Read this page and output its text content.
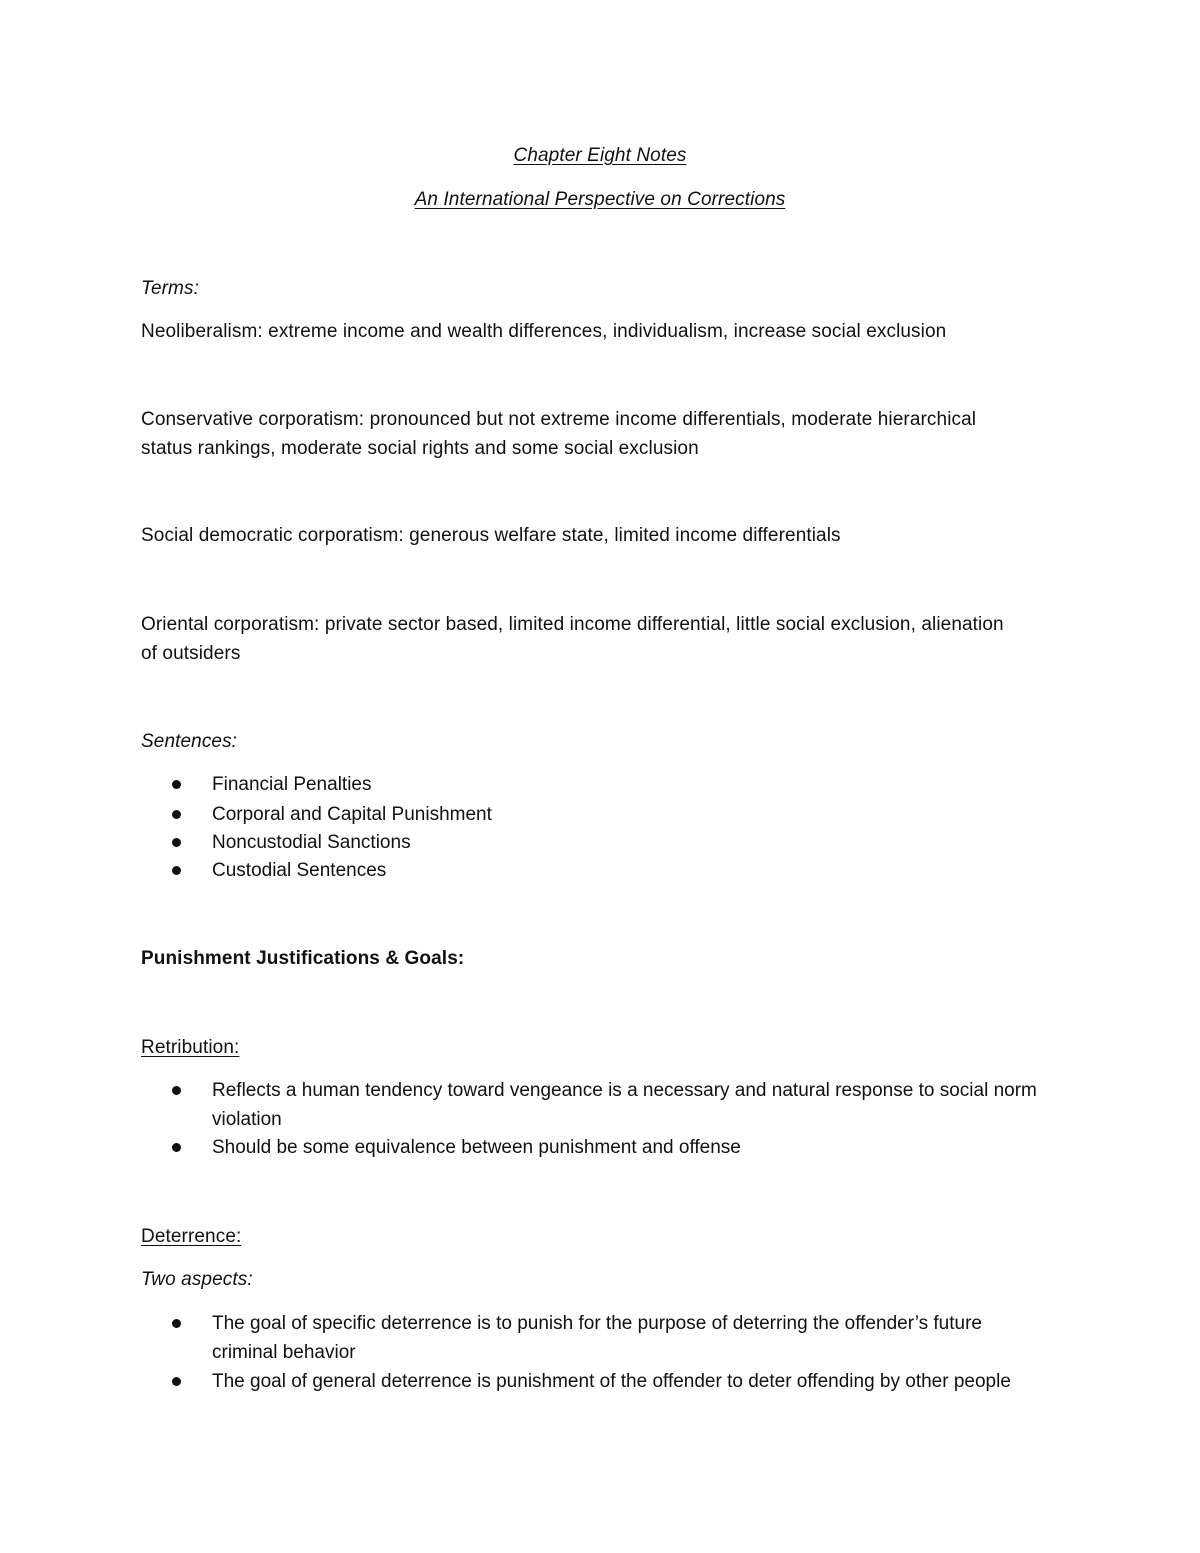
Chapter Eight Notes
An International Perspective on Corrections
Terms:
Neoliberalism: extreme income and wealth differences, individualism, increase social exclusion
Conservative corporatism: pronounced but not extreme income differentials, moderate hierarchical
status rankings, moderate social rights and some social exclusion
Social democratic corporatism: generous welfare state, limited income differentials
Oriental corporatism: private sector based, limited income differential, little social exclusion, alienation
of outsiders
Sentences:
Financial Penalties
Corporal and Capital Punishment
Noncustodial Sanctions
Custodial Sentences
Punishment Justifications & Goals:
Retribution:
Reflects a human tendency toward vengeance is a necessary and natural response to social norm
violation
Should be some equivalence between punishment and offense
Deterrence:
Two aspects:
The goal of specific deterrence is to punish for the purpose of deterring the offender’s future
criminal behavior
The goal of general deterrence is punishment of the offender to deter offending by other people
